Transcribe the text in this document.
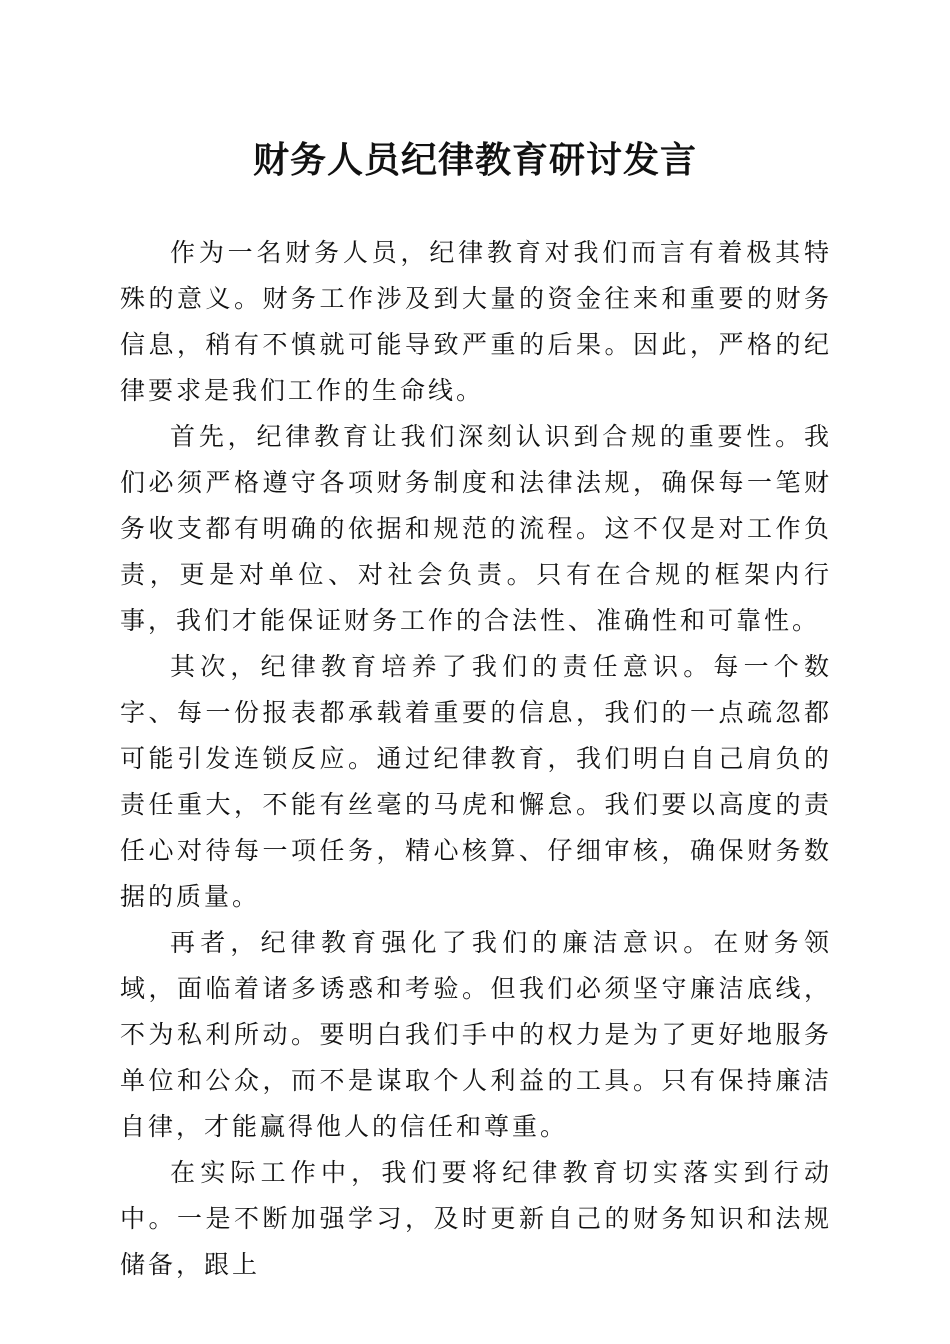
财务人员纪律教育研讨发言

作为一名财务人员，纪律教育对我们而言有着极其特殊的意义。财务工作涉及到大量的资金往来和重要的财务信息，稍有不慎就可能导致严重的后果。因此，严格的纪律要求是我们工作的生命线。

首先，纪律教育让我们深刻认识到合规的重要性。我们必须严格遵守各项财务制度和法律法规，确保每一笔财务收支都有明确的依据和规范的流程。这不仅是对工作负责，更是对单位、对社会负责。只有在合规的框架内行事，我们才能保证财务工作的合法性、准确性和可靠性。

其次，纪律教育培养了我们的责任意识。每一个数字、每一份报表都承载着重要的信息，我们的一点疏忽都可能引发连锁反应。通过纪律教育，我们明白自己肩负的责任重大，不能有丝毫的马虎和懈怠。我们要以高度的责任心对待每一项任务，精心核算、仔细审核，确保财务数据的质量。

再者，纪律教育强化了我们的廉洁意识。在财务领域，面临着诸多诱惑和考验。但我们必须坚守廉洁底线，不为私利所动。要明白我们手中的权力是为了更好地服务单位和公众，而不是谋取个人利益的工具。只有保持廉洁自律，才能赢得他人的信任和尊重。

在实际工作中，我们要将纪律教育切实落实到行动中。一是不断加强学习，及时更新自己的财务知识和法规储备，跟上
